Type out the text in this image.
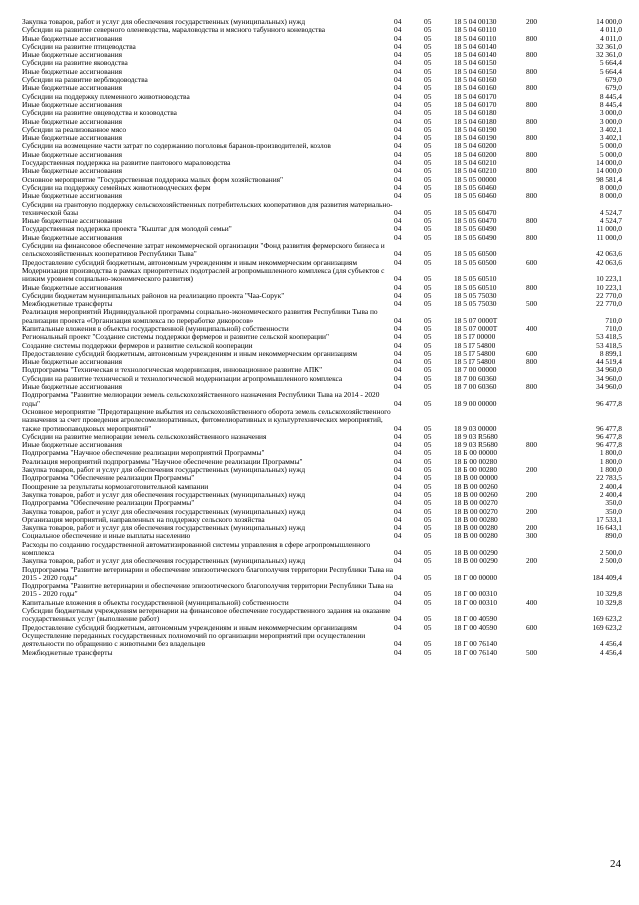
Закупка товаров, работ и услуг для обеспечения государственных (муниципальных) нужд	04	05	18 5 04 00130	200	14 000,0
Субсидии на развитие северного оленеводства, мараловодства и мясного табунного коневодства	04	05	18 5 04 60110		4 011,0
Иные бюджетные ассигнования	04	05	18 5 04 60110	800	4 011,0
Субсидии на развитие птицеводства	04	05	18 5 04 60140		32 361,0
Иные бюджетные ассигнования	04	05	18 5 04 60140	800	32 361,0
Субсидии на развитие яководства	04	05	18 5 04 60150		5 664,4
Иные бюджетные ассигнования	04	05	18 5 04 60150	800	5 664,4
Субсидии на развитие верблюдоводства	04	05	18 5 04 60160		679,0
Иные бюджетные ассигнования	04	05	18 5 04 60160	800	679,0
Субсидии на поддержку племенного животноводства	04	05	18 5 04 60170		8 445,4
Иные бюджетные ассигнования	04	05	18 5 04 60170	800	8 445,4
Субсидии на развитие овцеводства и козоводства	04	05	18 5 04 60180		3 000,0
Иные бюджетные ассигнования	04	05	18 5 04 60180	800	3 000,0
Субсидии за реализованное мясо	04	05	18 5 04 60190		3 402,1
Иные бюджетные ассигнования	04	05	18 5 04 60190	800	3 402,1
Субсидии на возмещение части затрат по содержанию поголовья баранов-производителей, козлов	04	05	18 5 04 60200		5 000,0
Иные бюджетные ассигнования	04	05	18 5 04 60200	800	5 000,0
Государственная поддержка на развитие пантового мараловодства	04	05	18 5 04 60210		14 000,0
Иные бюджетные ассигнования	04	05	18 5 04 60210	800	14 000,0
Основное мероприятие "Государственная поддержка малых форм хозяйствования"	04	05	18 5 05 00000		98 581,4
Субсидии на поддержку семейных животноводческих ферм	04	05	18 5 05 60460		8 000,0
Иные бюджетные ассигнования	04	05	18 5 05 60460	800	8 000,0
Субсидии на грантовую поддержку сельскохозяйственных потребительских кооперативов для развития материально-технической базы	04	05	18 5 05 60470		4 524,7
Иные бюджетные ассигнования	04	05	18 5 05 60470	800	4 524,7
Государственная поддержка проекта "Кыштаг для молодой семьи"	04	05	18 5 05 60490		11 000,0
Иные бюджетные ассигнования	04	05	18 5 05 60490	800	11 000,0
Субсидии на финансовое обеспечение затрат некоммерческой организации "Фонд развития фермерского бизнеса и сельскохозяйственных кооперативов Республики Тыва"	04	05	18 5 05 60500		42 063,6
Предоставление субсидий бюджетным, автономным учреждениям и иным некоммерческим организациям	04	05	18 5 05 60500	600	42 063,6
Модернизация производства в рамках приоритетных подотраслей агропромышленного комплекса (для субъектов с низким уровнем социально-экономического развития)	04	05	18 5 05 60510		10 223,1
Иные бюджетные ассигнования	04	05	18 5 05 60510	800	10 223,1
Субсидии бюджетам муниципальных районов на реализацию проекта "Чаа-Сорук"	04	05	18 5 05 75030		22 770,0
Межбюджетные трансферты	04	05	18 5 05 75030	500	22 770,0
Реализация мероприятий Индивидуальной программы социально-экономического развития Республики Тыва по реализации проекта «Организация комплекса по переработке дикоросов»	04	05	18 5 07 0000Т		710,0
Капитальные вложения в объекты государственной (муниципальной) собственности	04	05	18 5 07 0000Т	400	710,0
Региональный проект "Создание системы поддержки фермеров и развитие сельской кооперации"	04	05	18 5 I7 00000		53 418,5
Создание системы поддержки фермеров и развитие сельской кооперации	04	05	18 5 I7 54800		53 418,5
Предоставление субсидий бюджетным, автономным учреждениям и иным некоммерческим организациям	04	05	18 5 I7 54800	600	8 899,1
Иные бюджетные ассигнования	04	05	18 5 I7 54800	800	44 519,4
Подпрограмма "Техническая и технологическая модернизация, инновационное развитие АПК"	04	05	18 7 00 00000		34 960,0
Субсидии на развитие технической и технологической модернизации агропромышленного комплекса	04	05	18 7 00 60360		34 960,0
Иные бюджетные ассигнования	04	05	18 7 00 60360	800	34 960,0
Подпрограмма "Развитие мелиорации земель сельскохозяйственного назначения Республики Тыва на 2014 - 2020 годы"	04	05	18 9 00 00000		96 477,8
Основное мероприятие "Предотвращение выбытия из сельскохозяйственного оборота земель сельскохозяйственного назначения за счет проведения агролесомелиоративных, фитомелиоративных и культуртехнических мероприятий, также противопаводковых мероприятий"	04	05	18 9 03 00000		96 477,8
Субсидии на развитие мелиорации земель сельскохозяйственного назначения	04	05	18 9 03 R5680		96 477,8
Иные бюджетные ассигнования	04	05	18 9 03 R5680	800	96 477,8
Подпрограмма "Научное обеспечение реализации мероприятий Программы"	04	05	18 Б 00 00000		1 800,0
Реализация мероприятий подпрограммы "Научное обеспечение реализации Программы"	04	05	18 Б 00 00280		1 800,0
Закупка товаров, работ и услуг для обеспечения государственных (муниципальных) нужд	04	05	18 Б 00 00280	200	1 800,0
Подпрограмма "Обеспечение реализации Программы"	04	05	18 В 00 00000		22 783,5
Поощрение за результаты кормозаготовительной кампании	04	05	18 В 00 00260		2 400,4
Закупка товаров, работ и услуг для обеспечения государственных (муниципальных) нужд	04	05	18 В 00 00260	200	2 400,4
Подпрограмма "Обеспечение реализации Программы"	04	05	18 В 00 00270		350,0
Закупка товаров, работ и услуг для обеспечения государственных (муниципальных) нужд	04	05	18 В 00 00270	200	350,0
Организация мероприятий, направленных на поддержку сельского хозяйства	04	05	18 В 00 00280		17 533,1
Закупка товаров, работ и услуг для обеспечения государственных (муниципальных) нужд	04	05	18 В 00 00280	200	16 643,1
Социальное обеспечение и иные выплаты населению	04	05	18 В 00 00280	300	890,0
Расходы по созданию государственной автоматизированной системы управления в сфере агропромышленного комплекса	04	05	18 В 00 00290		2 500,0
Закупка товаров, работ и услуг для обеспечения государственных (муниципальных) нужд	04	05	18 В 00 00290	200	2 500,0
Подпрограмма "Развитие ветеринарии и обеспечение эпизоотического благополучия территории Республики Тыва на 2015 - 2020 годы"	04	05	18 Г 00 00000		184 409,4
Подпрограмма "Развитие ветеринарии и обеспечение эпизоотического благополучия территории Республики Тыва на 2015 - 2020 годы"	04	05	18 Г 00 00310		10 329,8
Капитальные вложения в объекты государственной (муниципальной) собственности	04	05	18 Г 00 00310	400	10 329,8
Субсидии бюджетным учреждениям ветеринарии на финансовое обеспечение государственного задания на оказание государственных услуг (выполнение работ)	04	05	18 Г 00 40590		169 623,2
Предоставление субсидий бюджетным, автономным учреждениям и иным некоммерческим организациям	04	05	18 Г 00 40590	600	169 623,2
Осуществление переданных государственных полномочий по организации мероприятий при осуществлении деятельности по обращению с животными без владельцев	04	05	18 Г 00 76140		4 456,4
Межбюджетные трансферты	04	05	18 Г 00 76140	500	4 456,4
24
